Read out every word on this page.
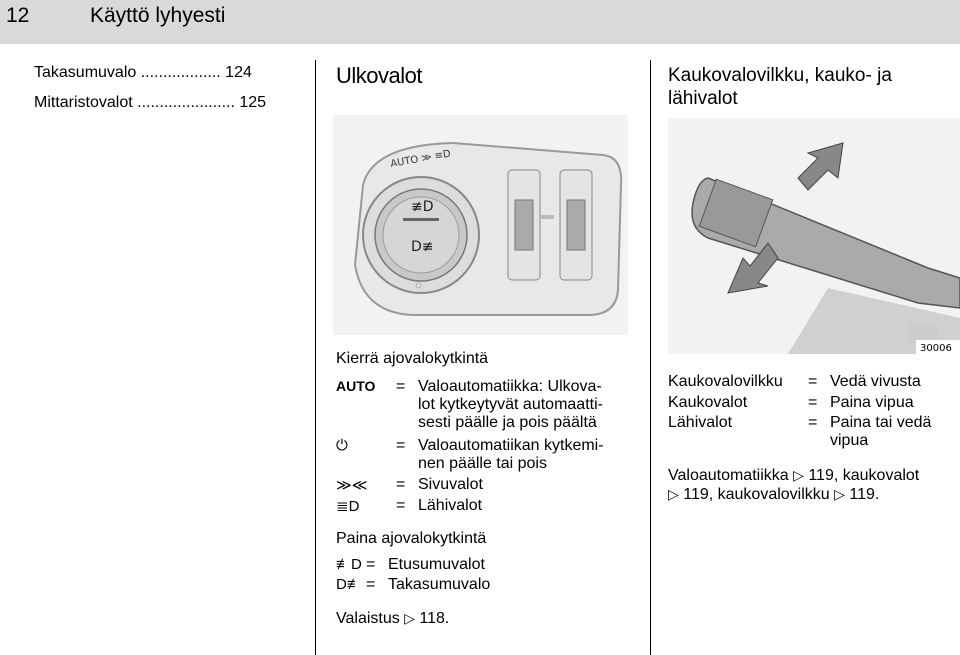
12	Käyttö lyhyesti
Takasumuvalo .................. 124
Mittaristovalot ...................... 125
Ulkovalot
≢D
D≢
AUTO ≫ ≡D
☼
Kierrä ajovalokytkintä
AUTO = Valoautomatiikka: Ulkova-
lot kytkeytyvät automaatti-
sesti päälle ja pois päältä
⏻	= Valoautomatiikan kytkemi-
nen päälle tai pois
≫≪ = Sivuvalot
≣D = Lähivalot
Paina ajovalokytkintä
≢D = Etusumuvalot
D≢ = Takasumuvalo
Valaistus ▷ 118.
Kaukovalovilkku, kauko- ja
lähivalot
30006
Kaukovalovilkku = Vedä vivusta
Kaukovalot	= Paina vipua
Lähivalot	= Paina tai vedä
vipua
Valoautomatiikka ▷ 119, kaukovalot
▷ 119, kaukovalovilkku ▷ 119.
